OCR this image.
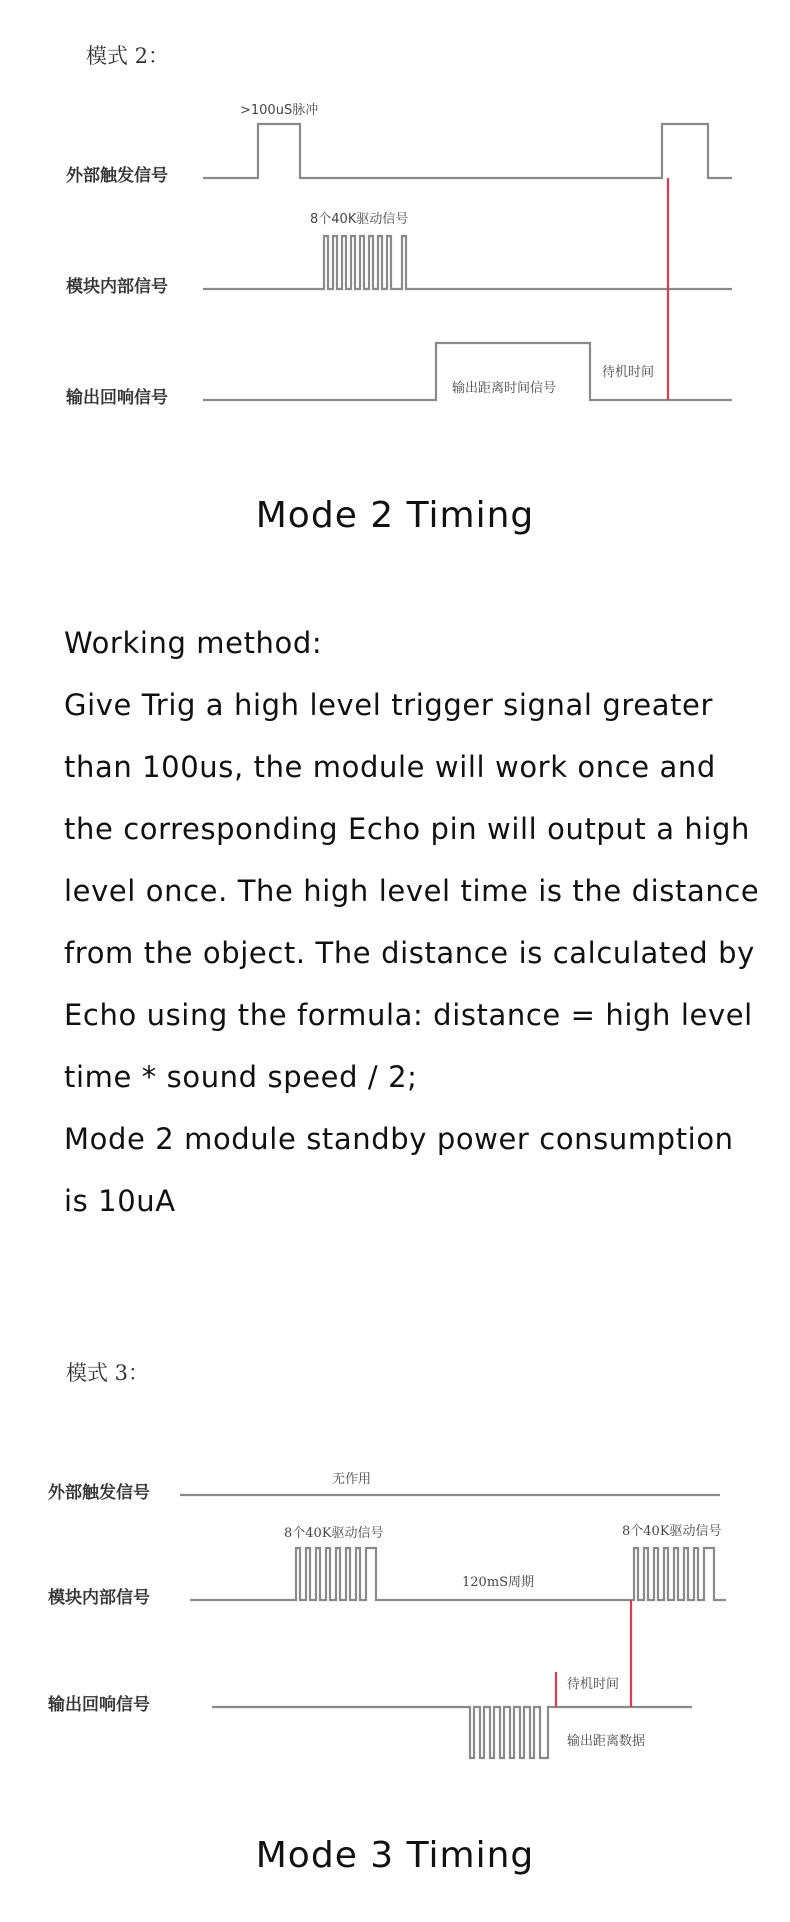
模式 2：
外部触发信号
模块内部信号
输出回响信号
>100uS脉冲
8个40K驱动信号
输出距离时间信号
待机时间
Mode 2 Timing

Working method:

Give Trig a high level trigger signal greater than 100us, the module will work once and the corresponding Echo pin will output a high level once. The high level time is the distance from the object. The distance is calculated by Echo using the formula: distance = high level time * sound speed / 2;

Mode 2 module standby power consumption is 10uA

模式 3：
外部触发信号
模块内部信号
输出回响信号
无作用
8个40K驱动信号	8个40K驱动信号
120mS周期
待机时间
输出距离数据
Mode 3 Timing
